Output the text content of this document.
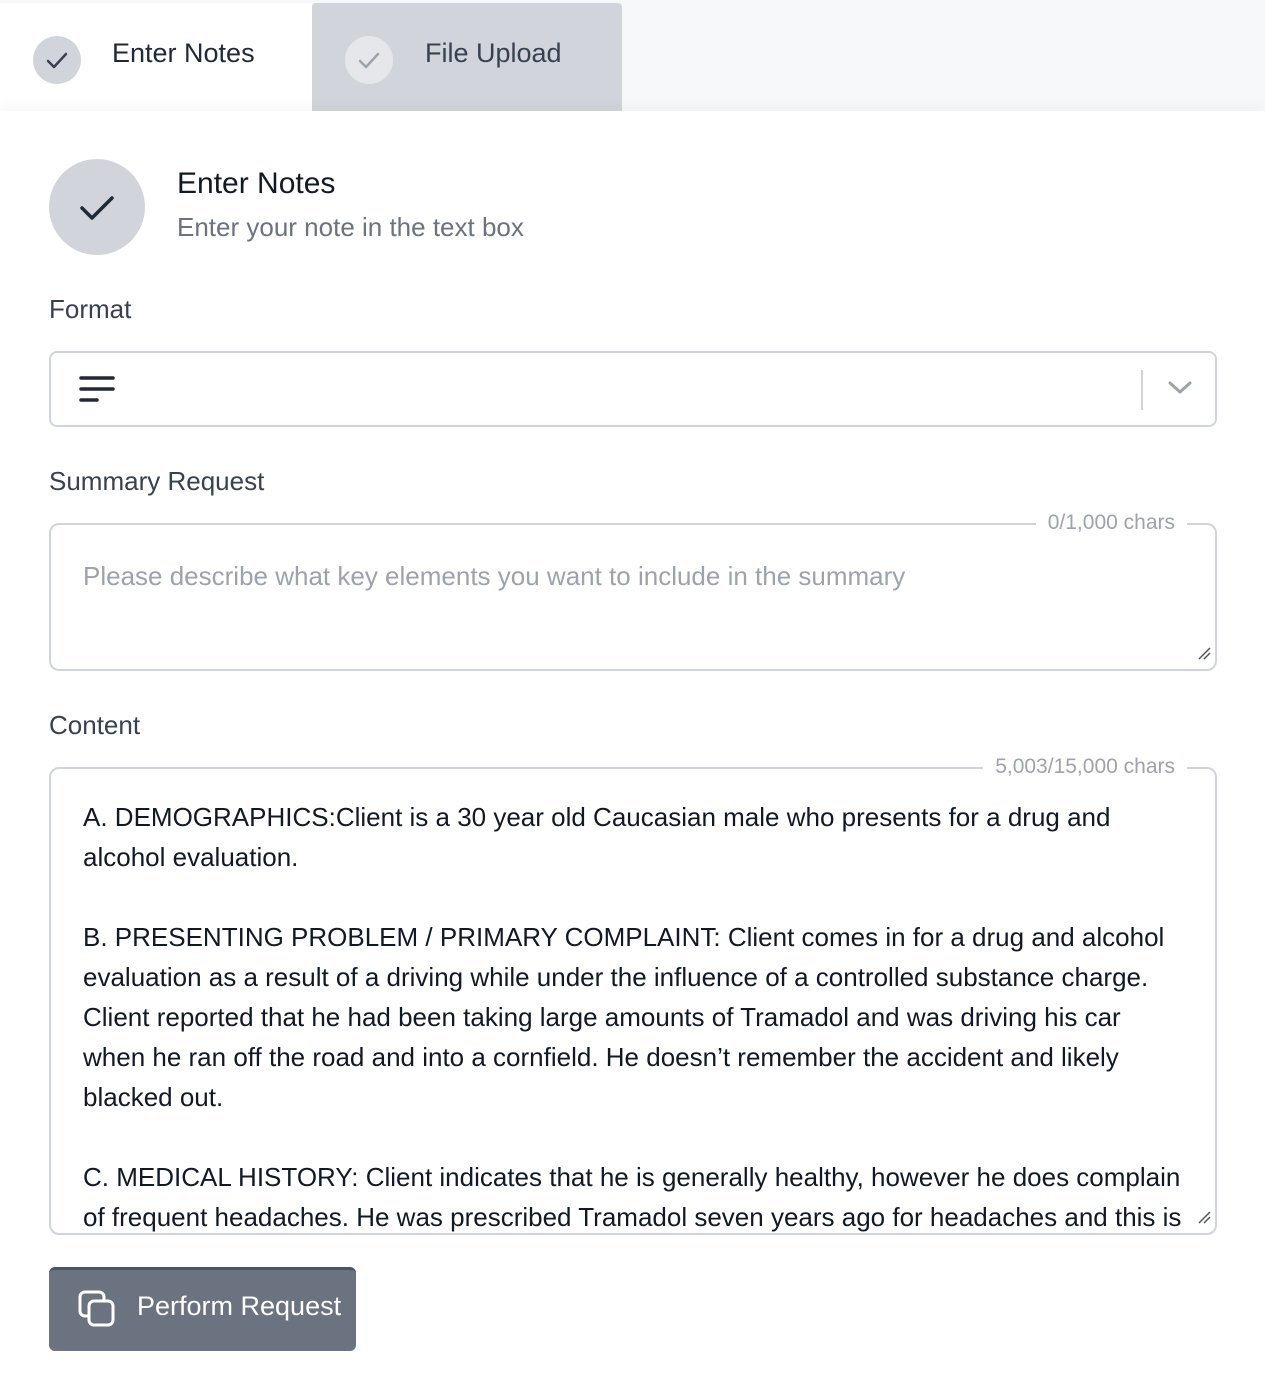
Enter Notes	File Upload
Enter Notes
Enter your note in the text box
Format
Summary Request
0/1,000 chars
Please describe what key elements you want to include in the summary
Content
5,003/15,000 chars
A. DEMOGRAPHICS:Client is a 30 year old Caucasian male who presents for a drug and alcohol evaluation.

B. PRESENTING PROBLEM / PRIMARY COMPLAINT: Client comes in for a drug and alcohol evaluation as a result of a driving while under the influence of a controlled substance charge. Client reported that he had been taking large amounts of Tramadol and was driving his car when he ran off the road and into a cornfield. He doesn’t remember the accident and likely blacked out.

C. MEDICAL HISTORY: Client indicates that he is generally healthy, however he does complain of frequent headaches. He was prescribed Tramadol seven years ago for headaches and this is
Perform Request
